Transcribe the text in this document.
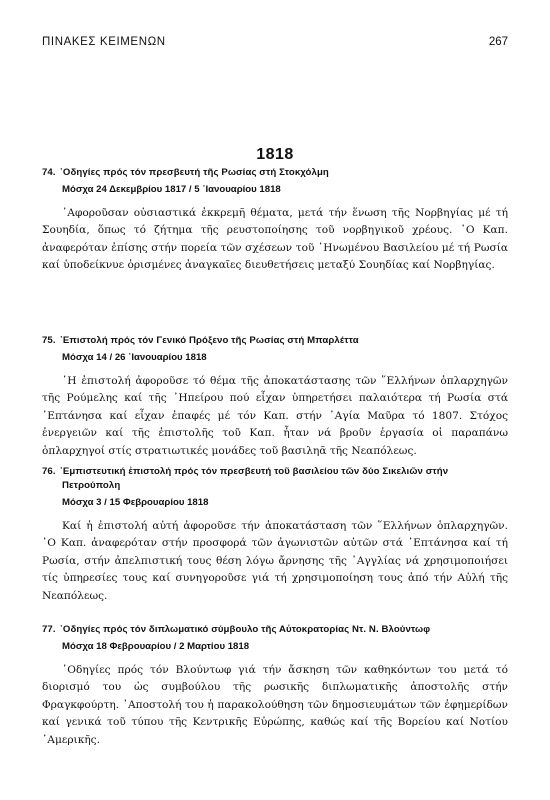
ΠΙΝΑΚΕΣ ΚΕΙΜΕΝΩΝ	267
1818
74. ᾿Οδηγίες πρός τόν πρεσβευτή τῆς Ρωσίας στή Στοκχόλμη
Μόσχα 24 Δεκεμβρίου 1817 / 5 ᾿Ιανουαρίου 1818
᾿Αφοροῦσαν οὐσιαστικά ἐκκρεμῆ θέματα, μετά τήν ἕνωση τῆς Νορβηγίας μέ τή Σουηδία, ὅπως τό ζήτημα τῆς ρευστοποίησης τοῦ νορβηγικοῦ χρέους. ῾Ο Καπ. ἀναφερόταν ἐπίσης στήν πορεία τῶν σχέσεων τοῦ ῾Ηνωμένου Βασιλείου μέ τή Ρωσία καί ὑποδείκνυε ὁρισμένες ἀναγκαῖες διευθετήσεις μεταξύ Σουηδίας καί Νορβηγίας.
75. ᾿Επιστολή πρός τόν Γενικό Πρόξενο τῆς Ρωσίας στή Μπαρλέττα
Μόσχα 14 / 26 ᾿Ιανουαρίου 1818
῾Η ἐπιστολή ἀφοροῦσε τό θέμα τῆς ἀποκατάστασης τῶν ῞Ελλήνων ὁπλαρχηγῶν τῆς Ρούμελης καί τῆς ᾿Ηπείρου πού εἶχαν ὑπηρετήσει παλαιότερα τή Ρωσία στά ᾿Επτάνησα καί εἶχαν ἐπαφές μέ τόν Καπ. στήν ῾Αγία Μαῦρα τό 1807. Στόχος ἐνεργειῶν καί τῆς ἐπιστολῆς τοῦ Καπ. ἦταν νά βροῦν ἐργασία οἱ παραπάνω ὁπλαρχηγοί στίς στρατιωτικές μονάδες τοῦ βασιληᾶ τῆς Νεαπόλεως.
76. ᾿Εμπιστευτική ἐπιστολή πρός τόν πρεσβευτή τοῦ βασιλείου τῶν δύο Σικελιῶν στήν
Πετρούπολη
Μόσχα 3 / 15 Φεβρουαρίου 1818
Καί ἡ ἐπιστολή αὐτή ἀφοροῦσε τήν ἀποκατάσταση τῶν ῞Ελλήνων ὁπλαρχηγῶν. ῾Ο Καπ. ἀναφερόταν στήν προσφορά τῶν ἀγωνιστῶν αὐτῶν στά ᾿Επτάνησα καί τή Ρωσία, στήν ἀπελπιστική τους θέση λόγω ἄρνησης τῆς ᾿Αγγλίας νά χρησιμοποιήσει τίς ὑπηρεσίες τους καί συνηγοροῦσε γιά τή χρησιμοποίηση τους ἀπό τήν Αὐλή τῆς Νεαπόλεως.
77. ᾿Οδηγίες πρός τόν διπλωματικό σύμβουλο τῆς Αὐτοκρατορίας Ντ. Ν. Βλούντωφ
Μόσχα 18 Φεβρουαρίου / 2 Μαρτίου 1818
᾿Οδηγίες πρός τόν Βλούντωφ γιά τήν ἄσκηση τῶν καθηκόντων του μετά τό διορισμό του ὡς συμβούλου τῆς ρωσικῆς διπλωματικῆς ἀποστολῆς στήν Φραγκφούρτη. ᾿Αποστολή του ἡ παρακολούθηση τῶν δημοσιευμάτων τῶν ἐφημερίδων καί γενικά τοῦ τύπου τῆς Κεντρικῆς Εὐρώπης, καθώς καί τῆς Βορείου καί Νοτίου ᾿Αμερικῆς.
